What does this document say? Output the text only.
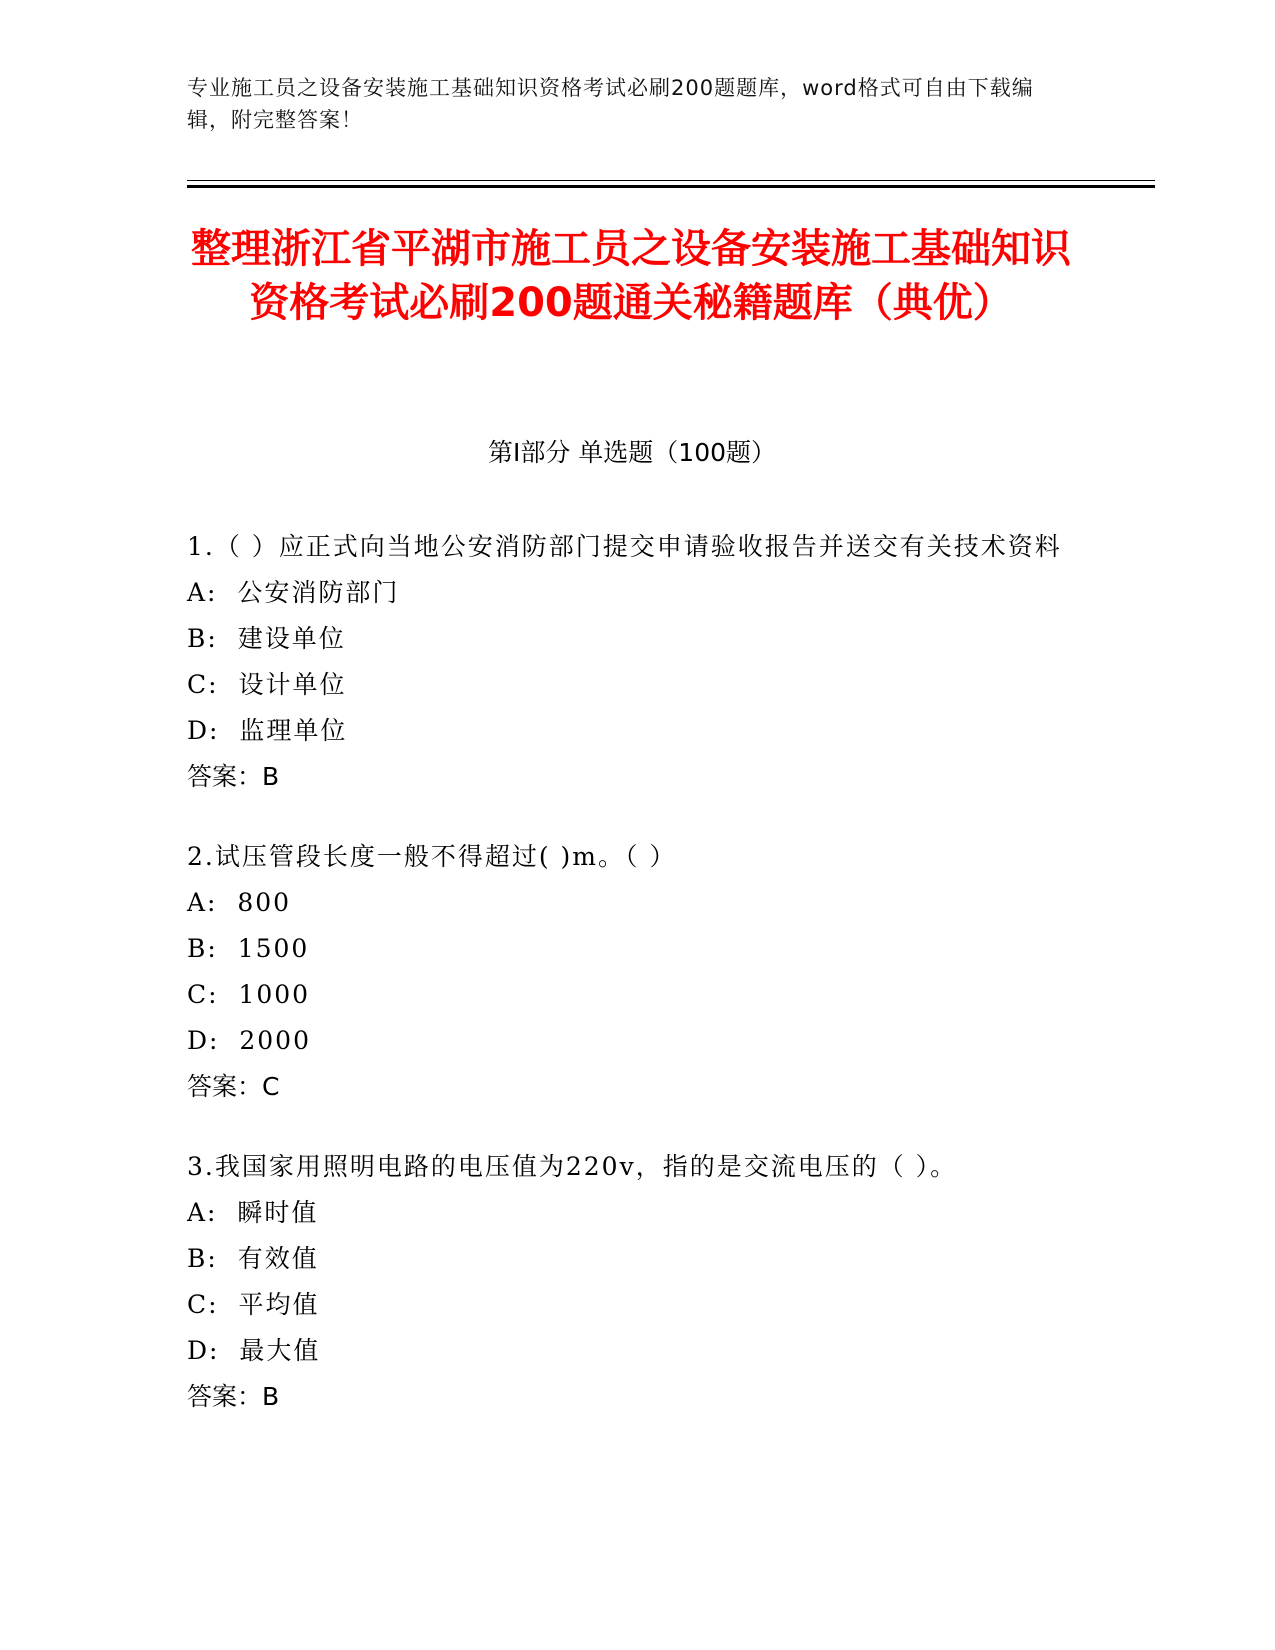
专业施工员之设备安装施工基础知识资格考试必刷200题题库，word格式可自由下载编辑，附完整答案！
整理浙江省平湖市施工员之设备安装施工基础知识资格考试必刷200题通关秘籍题库（典优）
第Ⅰ部分 单选题（100题）

1.（ ）应正式向当地公安消防部门提交申请验收报告并送交有关技术资料

A:  公安消防部门

B:  建设单位

C:  设计单位

D:  监理单位

答案：B

2.试压管段长度一般不得超过( )m。（ ）

A:  800

B:  1500

C:  1000

D:  2000

答案：C

3.我国家用照明电路的电压值为220v，指的是交流电压的（ ）。

A:  瞬时值

B:  有效值

C:  平均值

D:  最大值

答案：B
